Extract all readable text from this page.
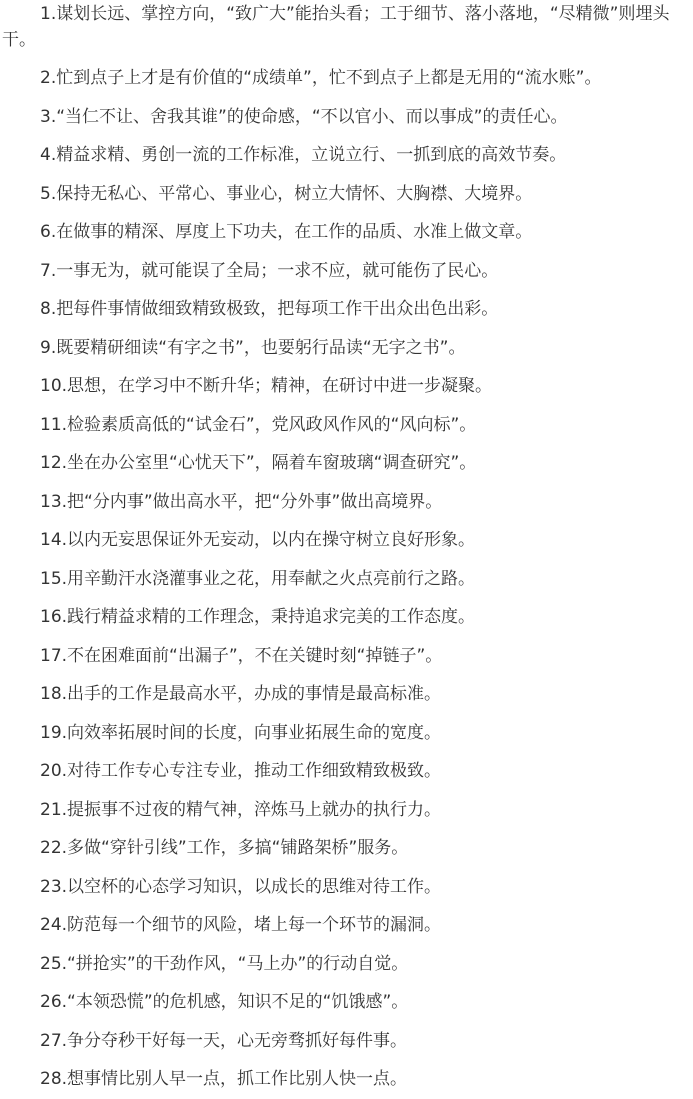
1.谋划长远、掌控方向，“致广大”能抬头看；工于细节、落小落地，“尽精微”则埋头干。

2.忙到点子上才是有价值的“成绩单”，忙不到点子上都是无用的“流水账”。

3.“当仁不让、舍我其谁”的使命感，“不以官小、而以事成”的责任心。

4.精益求精、勇创一流的工作标准，立说立行、一抓到底的高效节奏。

5.保持无私心、平常心、事业心，树立大情怀、大胸襟、大境界。

6.在做事的精深、厚度上下功夫，在工作的品质、水准上做文章。

7.一事无为，就可能误了全局；一求不应，就可能伤了民心。

8.把每件事情做细致精致极致，把每项工作干出众出色出彩。

9.既要精研细读“有字之书”，也要躬行品读“无字之书”。

10.思想，在学习中不断升华；精神，在研讨中进一步凝聚。

11.检验素质高低的“试金石”，党风政风作风的“风向标”。

12.坐在办公室里“心忧天下”，隔着车窗玻璃“调查研究”。

13.把“分内事”做出高水平，把“分外事”做出高境界。

14.以内无妄思保证外无妄动，以内在操守树立良好形象。

15.用辛勤汗水浇灌事业之花，用奉献之火点亮前行之路。

16.践行精益求精的工作理念，秉持追求完美的工作态度。

17.不在困难面前“出漏子”，不在关键时刻“掉链子”。

18.出手的工作是最高水平，办成的事情是最高标准。

19.向效率拓展时间的长度，向事业拓展生命的宽度。

20.对待工作专心专注专业，推动工作细致精致极致。

21.提振事不过夜的精气神，淬炼马上就办的执行力。

22.多做“穿针引线”工作，多搞“铺路架桥”服务。

23.以空杯的心态学习知识，以成长的思维对待工作。

24.防范每一个细节的风险，堵上每一个环节的漏洞。

25.“拼抢实”的干劲作风，“马上办”的行动自觉。

26.“本领恐慌”的危机感，知识不足的“饥饿感”。

27.争分夺秒干好每一天，心无旁骛抓好每件事。

28.想事情比别人早一点，抓工作比别人快一点。
